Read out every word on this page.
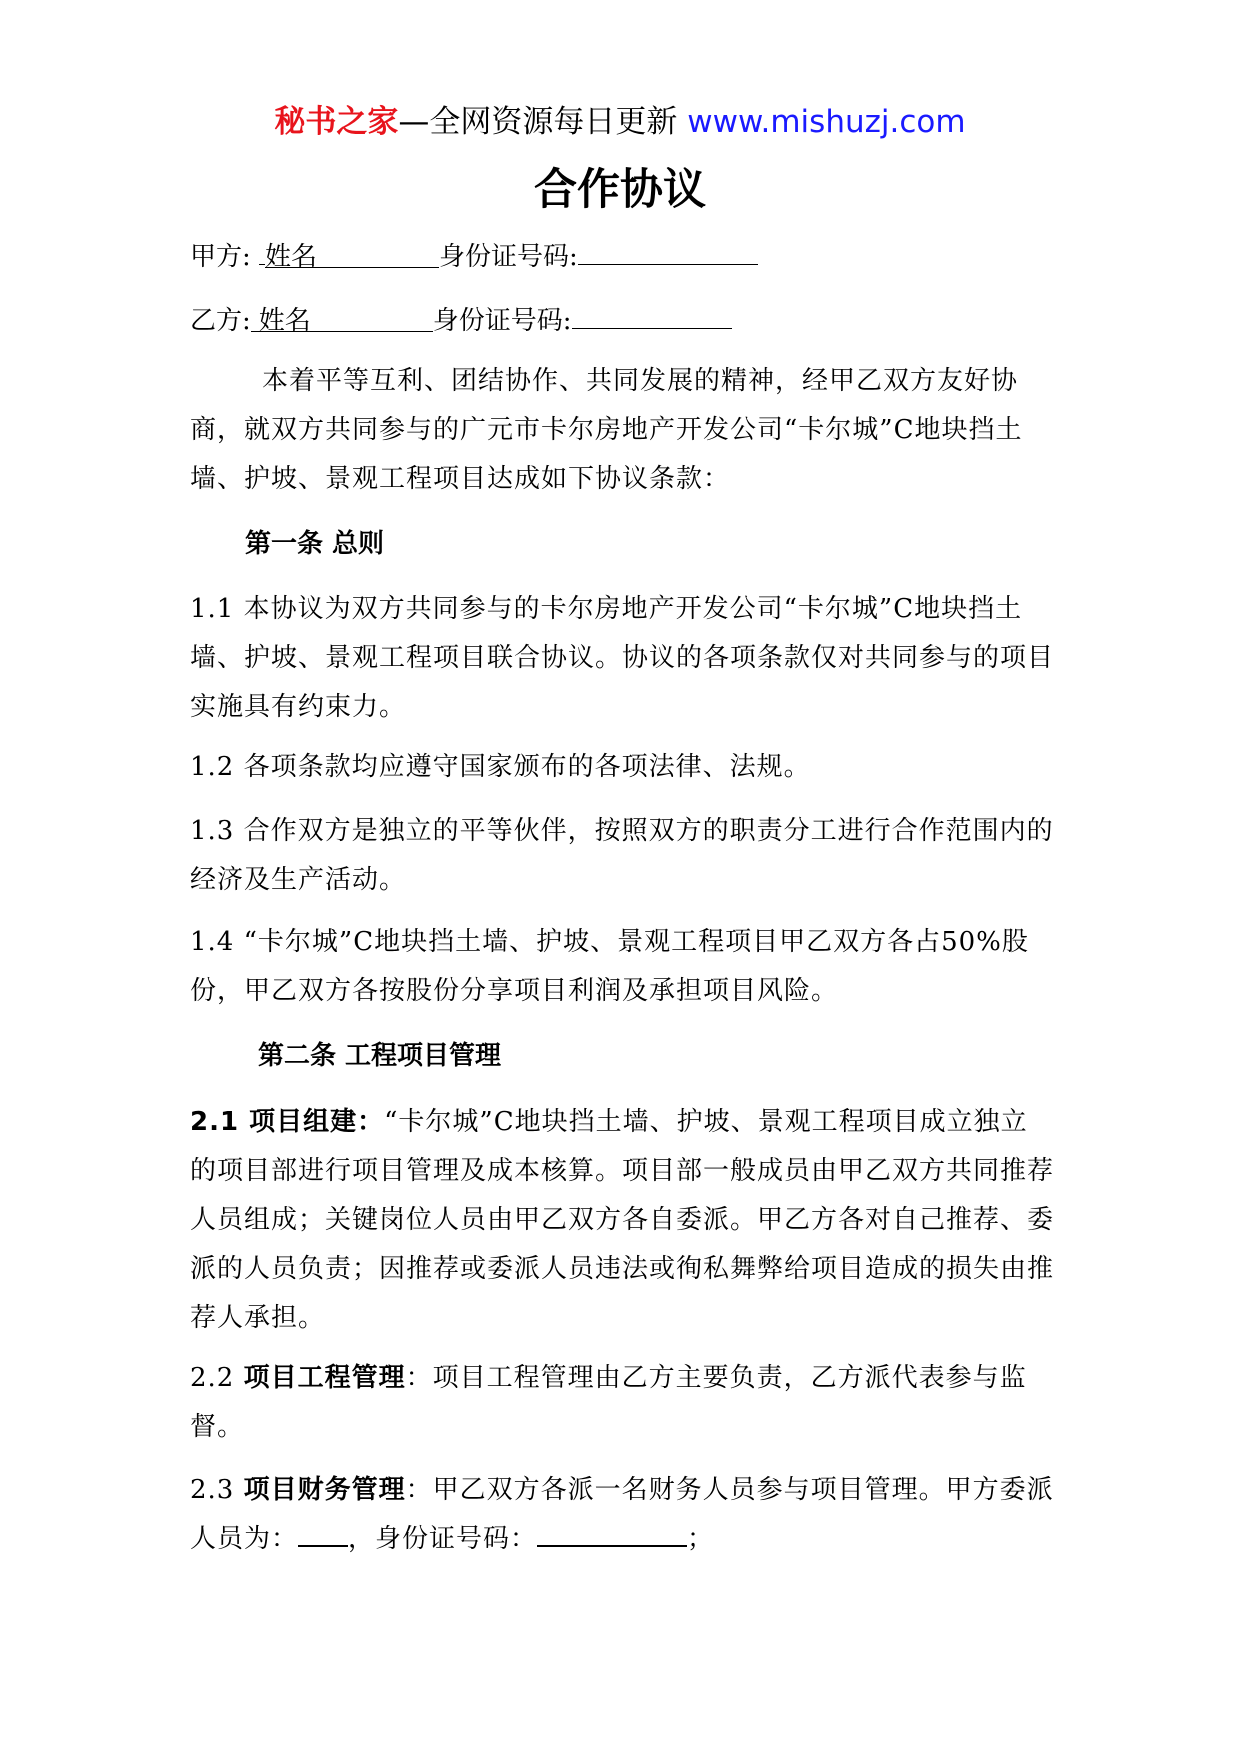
秘书之家—全网资源每日更新 www.mishuzj.com
合作协议
甲方: 姓名	身份证号码:
乙方: 姓名	身份证号码:

本着平等互利、团结协作、共同发展的精神，经甲乙双方友好协商，就双方共同参与的广元市卡尔房地产开发公司“卡尔城”C地块挡土墙、护坡、景观工程项目达成如下协议条款：

第一条 总则

1.1 本协议为双方共同参与的卡尔房地产开发公司“卡尔城”C地块挡土墙、护坡、景观工程项目联合协议。协议的各项条款仅对共同参与的项目实施具有约束力。

1.2 各项条款均应遵守国家颁布的各项法律、法规。

1.3 合作双方是独立的平等伙伴，按照双方的职责分工进行合作范围内的经济及生产活动。

1.4 “卡尔城”C地块挡土墙、护坡、景观工程项目甲乙双方各占50%股份，甲乙双方各按股份分享项目利润及承担项目风险。

第二条 工程项目管理

2.1 项目组建：“卡尔城”C地块挡土墙、护坡、景观工程项目成立独立的项目部进行项目管理及成本核算。项目部一般成员由甲乙双方共同推荐人员组成；关键岗位人员由甲乙双方各自委派。甲乙方各对自己推荐、委派的人员负责；因推荐或委派人员违法或徇私舞弊给项目造成的损失由推荐人承担。

2.2 项目工程管理：项目工程管理由乙方主要负责，乙方派代表参与监督。

2.3 项目财务管理：甲乙双方各派一名财务人员参与项目管理。甲方委派人员为： ，身份证号码：	；
